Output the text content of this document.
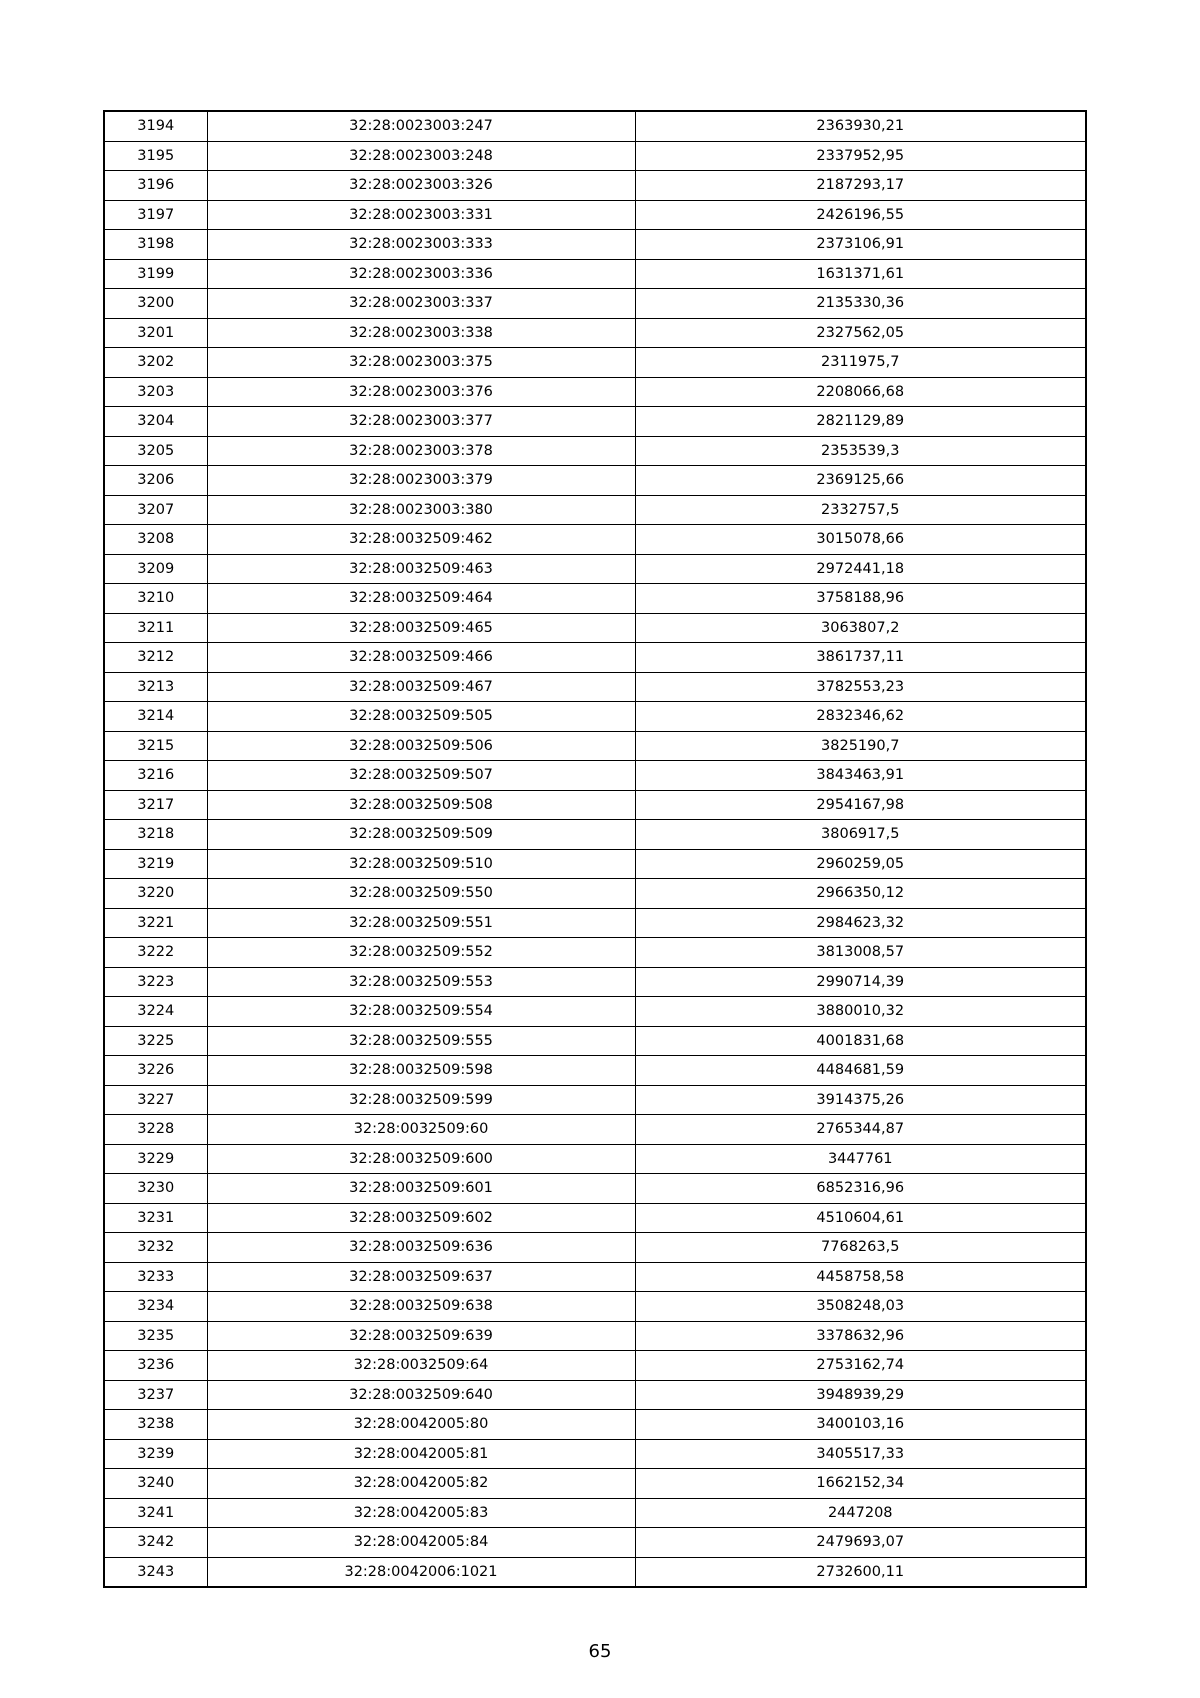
3194	32:28:0023003:247	2363930,21
3195	32:28:0023003:248	2337952,95
3196	32:28:0023003:326	2187293,17
3197	32:28:0023003:331	2426196,55
3198	32:28:0023003:333	2373106,91
3199	32:28:0023003:336	1631371,61
3200	32:28:0023003:337	2135330,36
3201	32:28:0023003:338	2327562,05
3202	32:28:0023003:375	2311975,7
3203	32:28:0023003:376	2208066,68
3204	32:28:0023003:377	2821129,89
3205	32:28:0023003:378	2353539,3
3206	32:28:0023003:379	2369125,66
3207	32:28:0023003:380	2332757,5
3208	32:28:0032509:462	3015078,66
3209	32:28:0032509:463	2972441,18
3210	32:28:0032509:464	3758188,96
3211	32:28:0032509:465	3063807,2
3212	32:28:0032509:466	3861737,11
3213	32:28:0032509:467	3782553,23
3214	32:28:0032509:505	2832346,62
3215	32:28:0032509:506	3825190,7
3216	32:28:0032509:507	3843463,91
3217	32:28:0032509:508	2954167,98
3218	32:28:0032509:509	3806917,5
3219	32:28:0032509:510	2960259,05
3220	32:28:0032509:550	2966350,12
3221	32:28:0032509:551	2984623,32
3222	32:28:0032509:552	3813008,57
3223	32:28:0032509:553	2990714,39
3224	32:28:0032509:554	3880010,32
3225	32:28:0032509:555	4001831,68
3226	32:28:0032509:598	4484681,59
3227	32:28:0032509:599	3914375,26
3228	32:28:0032509:60	2765344,87
3229	32:28:0032509:600	3447761
3230	32:28:0032509:601	6852316,96
3231	32:28:0032509:602	4510604,61
3232	32:28:0032509:636	7768263,5
3233	32:28:0032509:637	4458758,58
3234	32:28:0032509:638	3508248,03
3235	32:28:0032509:639	3378632,96
3236	32:28:0032509:64	2753162,74
3237	32:28:0032509:640	3948939,29
3238	32:28:0042005:80	3400103,16
3239	32:28:0042005:81	3405517,33
3240	32:28:0042005:82	1662152,34
3241	32:28:0042005:83	2447208
3242	32:28:0042005:84	2479693,07
3243	32:28:0042006:1021	2732600,11
65
